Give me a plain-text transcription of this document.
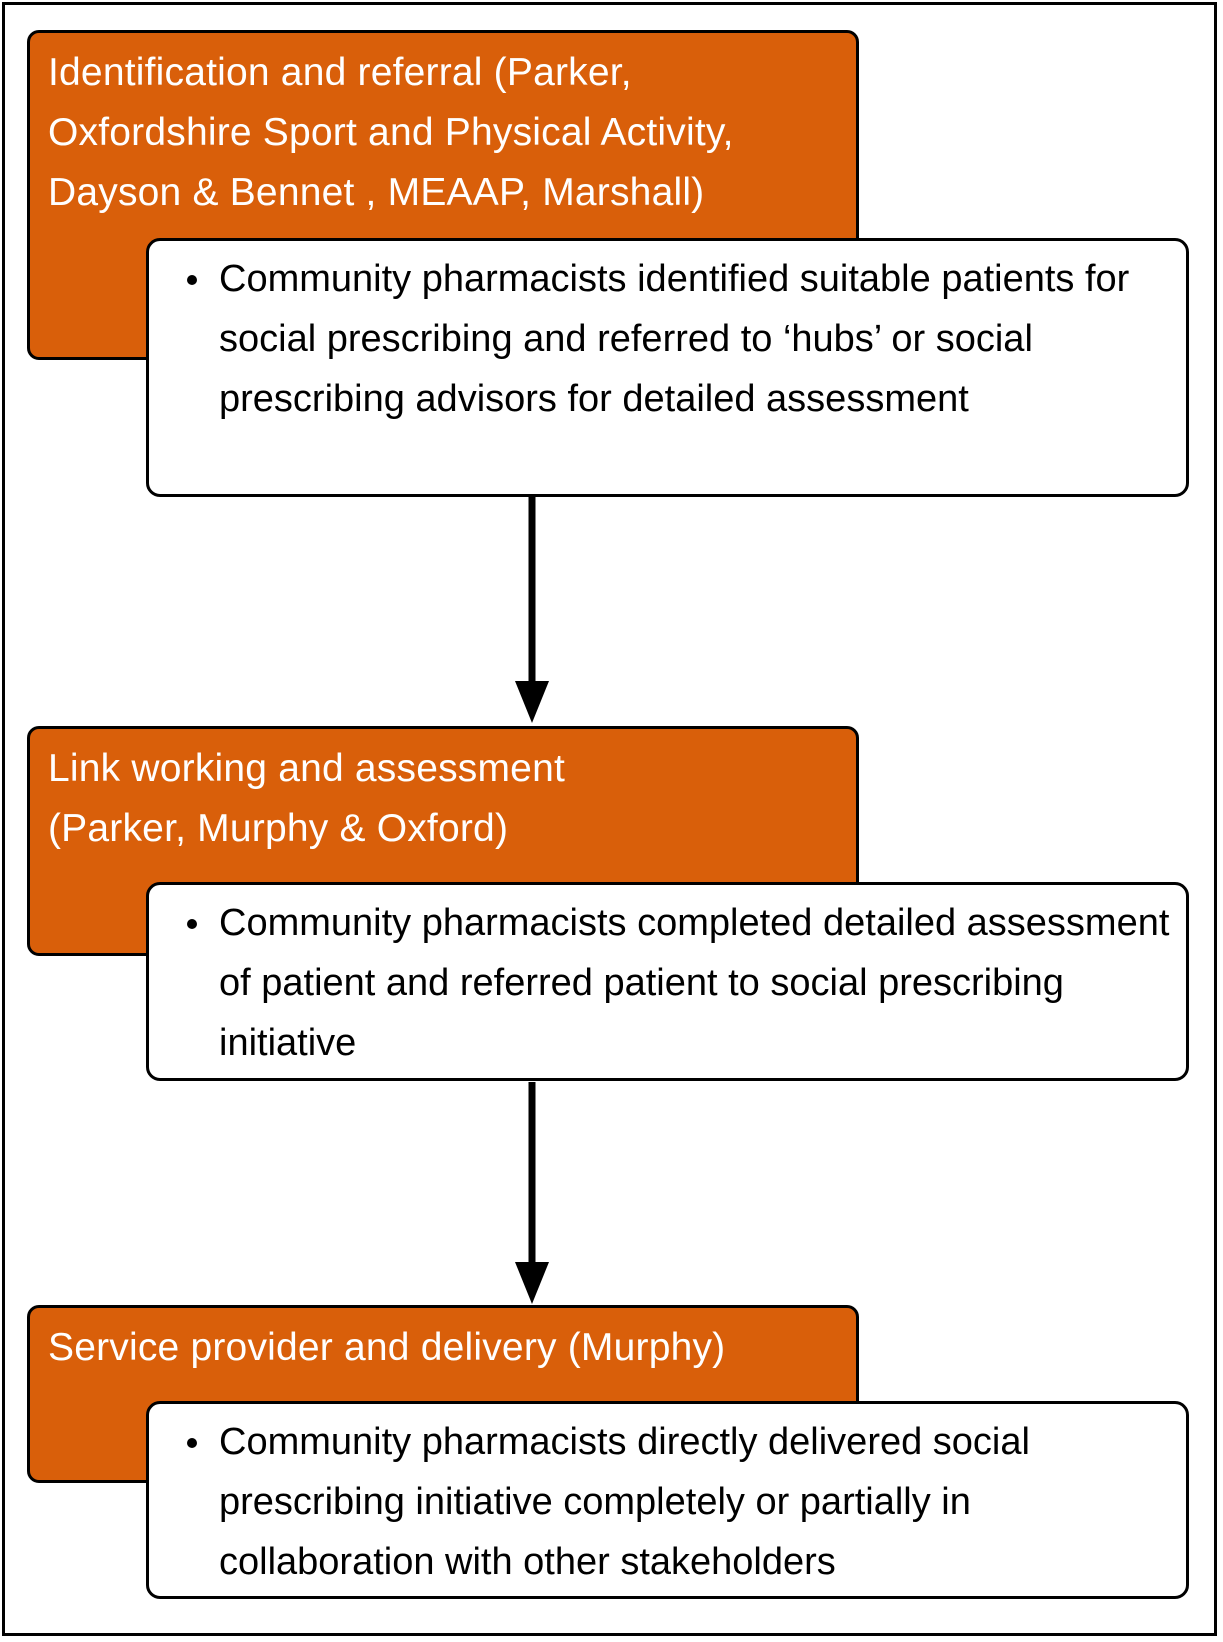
Identification and referral (Parker, Oxfordshire Sport and Physical Activity, Dayson & Bennet , MEAAP, Marshall)
Community pharmacists identified suitable patients for social prescribing and referred to ‘hubs’ or social prescribing advisors for detailed assessment
Link working and assessment (Parker, Murphy & Oxford)
Community pharmacists completed detailed assessment of patient and referred patient to social prescribing initiative
Service provider and delivery (Murphy)
Community pharmacists directly delivered social prescribing initiative completely or partially in collaboration with other stakeholders
